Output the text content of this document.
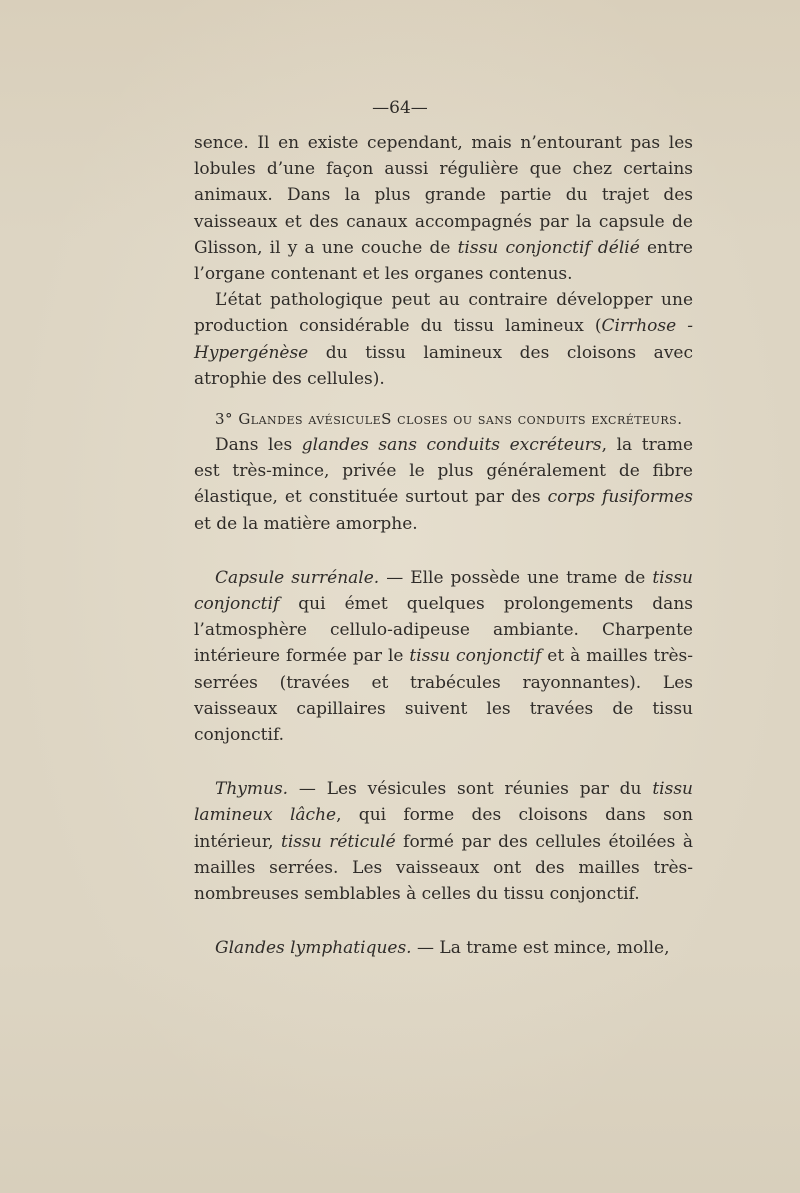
—64—

sence. Il en existe cependant, mais n’entourant pas les lobules d’une façon aussi régulière que chez certains animaux. Dans la plus grande partie du trajet des vaisseaux et des canaux accompagnés par la capsule de Glisson, il y a une couche de tissu conjonctif délié entre l’organe contenant et les organes contenus.

L’état pathologique peut au contraire développer une production considérable du tissu lamineux (Cirrhose - Hypergénèse du tissu lamineux des cloisons avec atrophie des cellules).

3° Glandes avésiculeS closes ou sans conduits excréteurs.

Dans les glandes sans conduits excréteurs, la trame est très-mince, privée le plus généralement de fibre élastique, et constituée surtout par des corps fusiformes et de la matière amorphe.

Capsule surrénale. — Elle possède une trame de tissu conjonctif qui émet quelques prolongements dans l’atmosphère cellulo-adipeuse ambiante. Charpente intérieure formée par le tissu conjonctif et à mailles très-serrées (travées et trabécules rayonnantes). Les vaisseaux capillaires suivent les travées de tissu conjonctif.

Thymus. — Les vésicules sont réunies par du tissu lamineux lâche, qui forme des cloisons dans son intérieur, tissu réticulé formé par des cellules étoilées à mailles serrées. Les vaisseaux ont des mailles très-nombreuses semblables à celles du tissu conjonctif.

Glandes lymphatiques. — La trame est mince, molle,
